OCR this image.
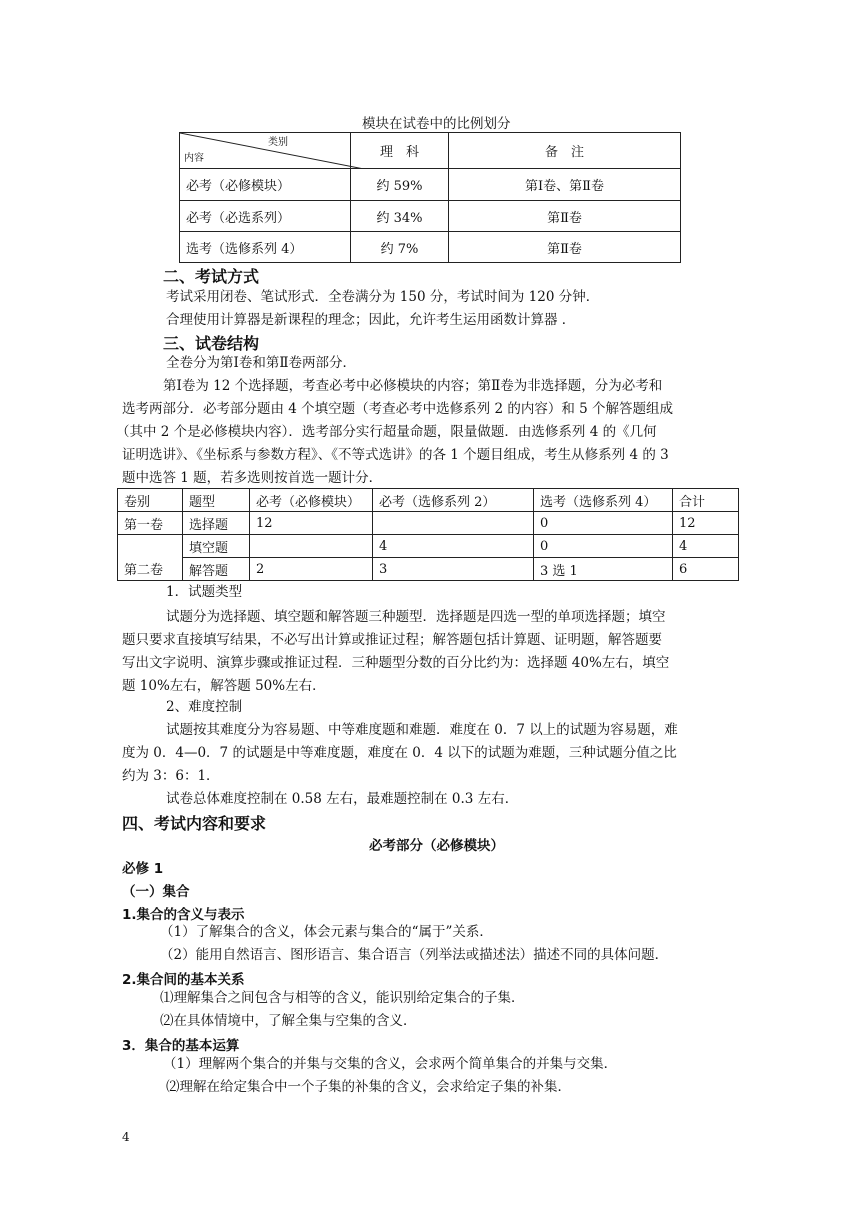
模块在试卷中的比例划分
类别
内容	理　科	备　注
必考（必修模块）	约 59%	第Ⅰ卷、第Ⅱ卷
必考（必选系列）	约 34%	第Ⅱ卷
选考（选修系列 4）	约 7%	第Ⅱ卷
二、考试方式
考试采用闭卷、笔试形式．全卷满分为 150 分，考试时间为 120 分钟．
合理使用计算器是新课程的理念；因此，允许考生运用函数计算器 ．
三、试卷结构
全卷分为第Ⅰ卷和第Ⅱ卷两部分．
第Ⅰ卷为 12 个选择题，考查必考中必修模块的内容；第Ⅱ卷为非选择题，分为必考和
选考两部分．必考部分题由 4 个填空题（考查必考中选修系列 2 的内容）和 5 个解答题组成
（其中 2 个是必修模块内容）．选考部分实行超量命题，限量做题．由选修系列 4 的《几何
证明选讲》、《坐标系与参数方程》、《不等式选讲》的各 1 个题目组成，考生从修系列 4 的 3
题中选答 1 题，若多选则按首选一题计分．
卷别	题型	必考（必修模块）	必考（选修系列 2）	选考（选修系列 4）	合计
第一卷	选择题	12		0	12
第二卷	填空题		4	0	4
	解答题	2	3	3 选 1	6
1．试题类型
试题分为选择题、填空题和解答题三种题型．选择题是四选一型的单项选择题；填空
题只要求直接填写结果，不必写出计算或推证过程；解答题包括计算题、证明题，解答题要
写出文字说明、演算步骤或推证过程．三种题型分数的百分比约为：选择题 40%左右，填空
题 10%左右，解答题 50%左右．
2、难度控制
试题按其难度分为容易题、中等难度题和难题．难度在 0．7 以上的试题为容易题，难
度为 0．4—0．7 的试题是中等难度题，难度在 0．4 以下的试题为难题，三种试题分值之比
约为 3：6：1．
试卷总体难度控制在 0.58 左右，最难题控制在 0.3 左右．
四、考试内容和要求
必考部分（必修模块）
必修 1
（一）集合
1.集合的含义与表示
（1）了解集合的含义，体会元素与集合的“属于”关系．
（2）能用自然语言、图形语言、集合语言（列举法或描述法）描述不同的具体问题．
2.集合间的基本关系
⑴理解集合之间包含与相等的含义，能识别给定集合的子集．
⑵在具体情境中，了解全集与空集的含义．
3．集合的基本运算
（1）理解两个集合的并集与交集的含义，会求两个简单集合的并集与交集．
⑵理解在给定集合中一个子集的补集的含义，会求给定子集的补集．
4
